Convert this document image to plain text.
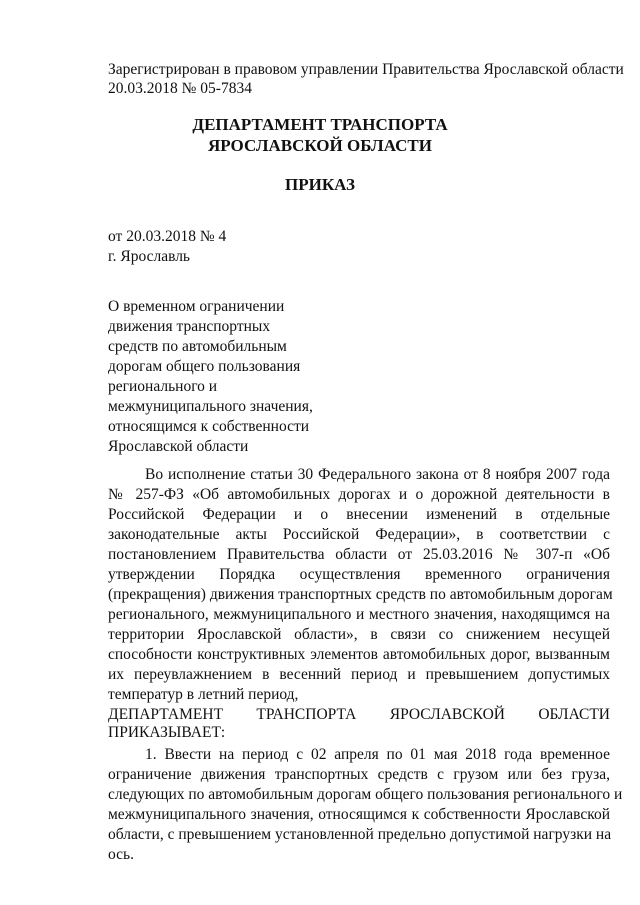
Зарегистрирован в правовом управлении Правительства Ярославской области
20.03.2018 № 05-7834
ДЕПАРТАМЕНТ ТРАНСПОРТА
ЯРОСЛАВСКОЙ ОБЛАСТИ
ПРИКАЗ
от 20.03.2018 № 4
г. Ярославль
О временном ограничении
движения транспортных
средств по автомобильным
дорогам общего пользования
регионального и
межмуниципального значения,
относящимся к собственности
Ярославской области
Во исполнение статьи 30 Федерального закона от 8 ноября 2007 года
№ 257-ФЗ «Об автомобильных дорогах и о дорожной деятельности в
Российской Федерации и о внесении изменений в отдельные
законодательные акты Российской Федерации», в соответствии с
постановлением Правительства области от 25.03.2016 № 307-п «Об
утверждении Порядка осуществления временного ограничения
(прекращения) движения транспортных средств по автомобильным дорогам
регионального, межмуниципального и местного значения, находящимся на
территории Ярославской области», в связи со снижением несущей
способности конструктивных элементов автомобильных дорог, вызванным
их переувлажнением в весенний период и превышением допустимых
температур в летний период,
ДЕПАРТАМЕНТ ТРАНСПОРТА ЯРОСЛАВСКОЙ ОБЛАСТИ
ПРИКАЗЫВАЕТ:
1. Ввести на период с 02 апреля по 01 мая 2018 года временное
ограничение движения транспортных средств с грузом или без груза,
следующих по автомобильным дорогам общего пользования регионального и
межмуниципального значения, относящимся к собственности Ярославской
области, с превышением установленной предельно допустимой нагрузки на
ось.
